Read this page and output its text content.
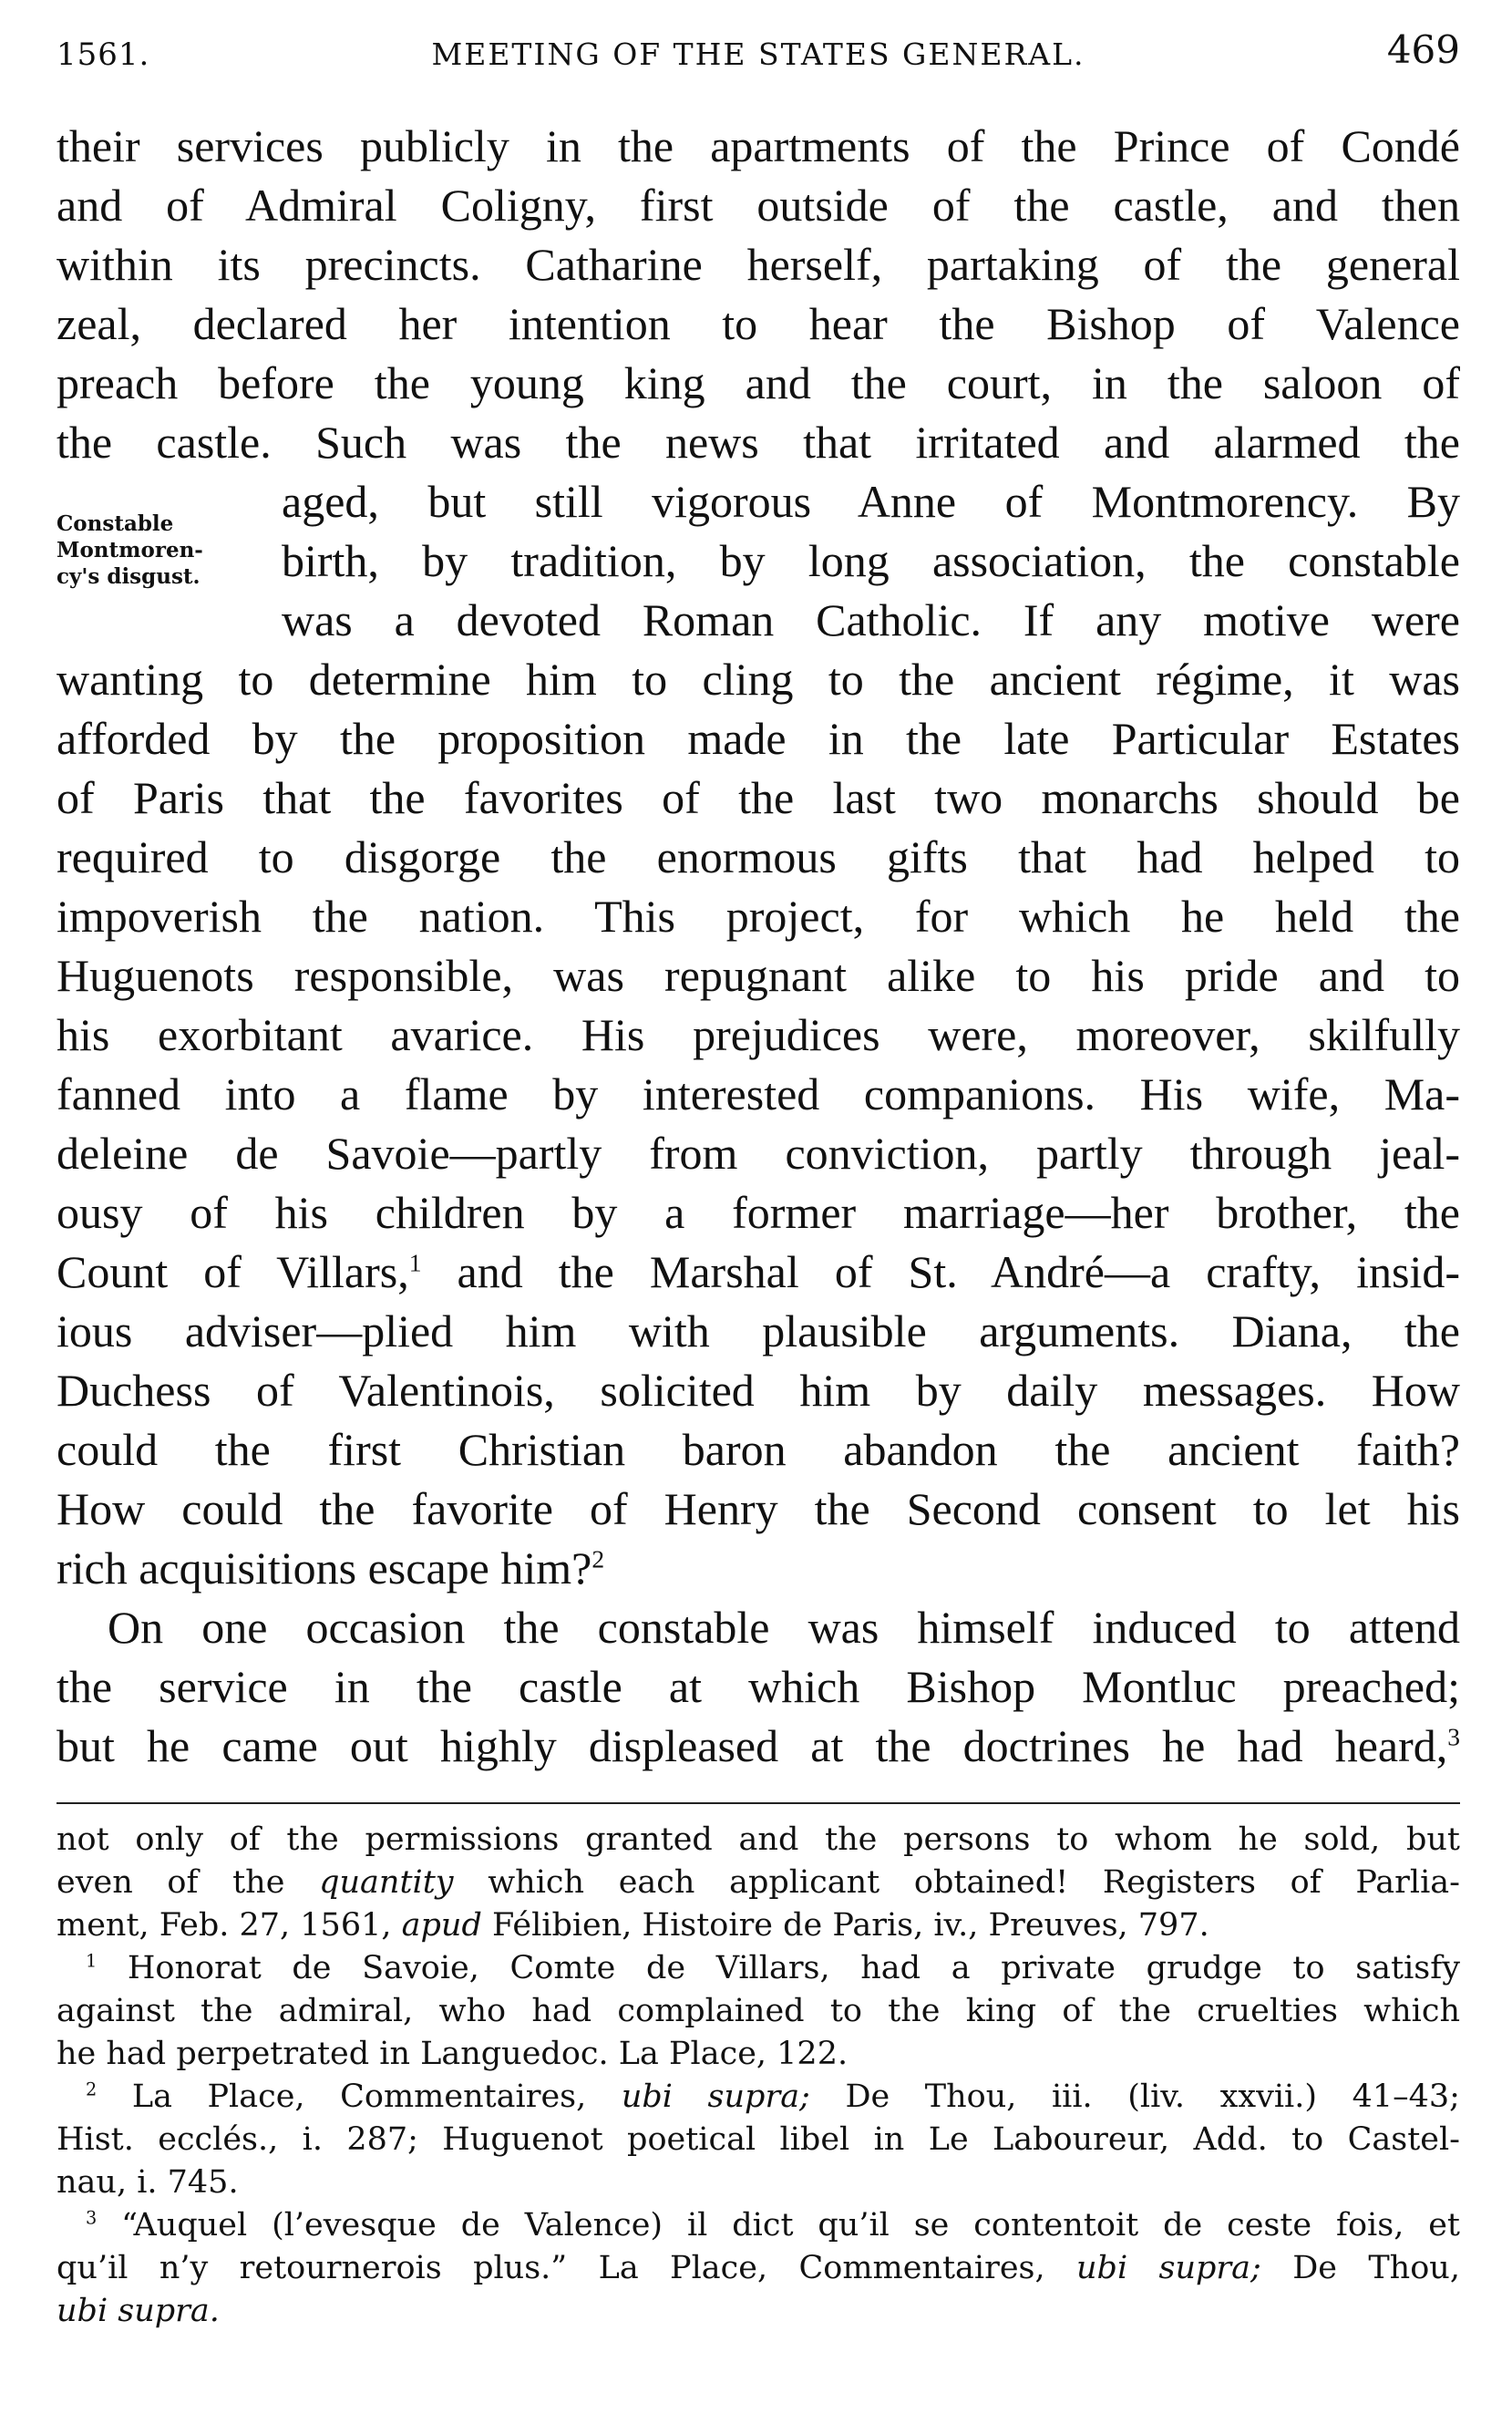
1561.	MEETING OF THE STATES GENERAL.	469
Constable
Montmoren-
cy's disgust.
their services publicly in the apartments of the Prince of Condé
and of Admiral Coligny, first outside of the castle, and then
within its precincts. Catharine herself, partaking of the general
zeal, declared her intention to hear the Bishop of Valence
preach before the young king and the court, in the saloon of
the castle. Such was the news that irritated and alarmed the
aged, but still vigorous Anne of Montmorency. By
birth, by tradition, by long association, the constable
was a devoted Roman Catholic. If any motive were
wanting to determine him to cling to the ancient régime, it was
afforded by the proposition made in the late Particular Estates
of Paris that the favorites of the last two monarchs should be
required to disgorge the enormous gifts that had helped to
impoverish the nation. This project, for which he held the
Huguenots responsible, was repugnant alike to his pride and to
his exorbitant avarice. His prejudices were, moreover, skilfully
fanned into a flame by interested companions. His wife, Ma-
deleine de Savoie—partly from conviction, partly through jeal-
ousy of his children by a former marriage—her brother, the
Count of Villars,$^1$ and the Marshal of St. André—a crafty, insid-
ious adviser—plied him with plausible arguments. Diana, the
Duchess of Valentinois, solicited him by daily messages. How
could the first Christian baron abandon the ancient faith?
How could the favorite of Henry the Second consent to let his
rich acquisitions escape him?$^2$
On one occasion the constable was himself induced to attend
the service in the castle at which Bishop Montluc preached;
but he came out highly displeased at the doctrines he had heard,$^3$
not only of the permissions granted and the persons to whom he sold, but
even of the quantity which each applicant obtained! Registers of Parlia-
ment, Feb. 27, 1561, apud Félibien, Histoire de Paris, iv., Preuves, 797.
$^1$ Honorat de Savoie, Comte de Villars, had a private grudge to satisfy
against the admiral, who had complained to the king of the cruelties which
he had perpetrated in Languedoc. La Place, 122.
$^2$ La Place, Commentaires, ubi supra; De Thou, iii. (liv. xxvii.) 41–43;
Hist. ecclés., i. 287; Huguenot poetical libel in Le Laboureur, Add. to Castel-
nau, i. 745.
$^3$ “Auquel (l’evesque de Valence) il dict qu’il se contentoit de ceste fois, et
qu’il n’y retournerois plus.” La Place, Commentaires, ubi supra; De Thou,
ubi supra.
